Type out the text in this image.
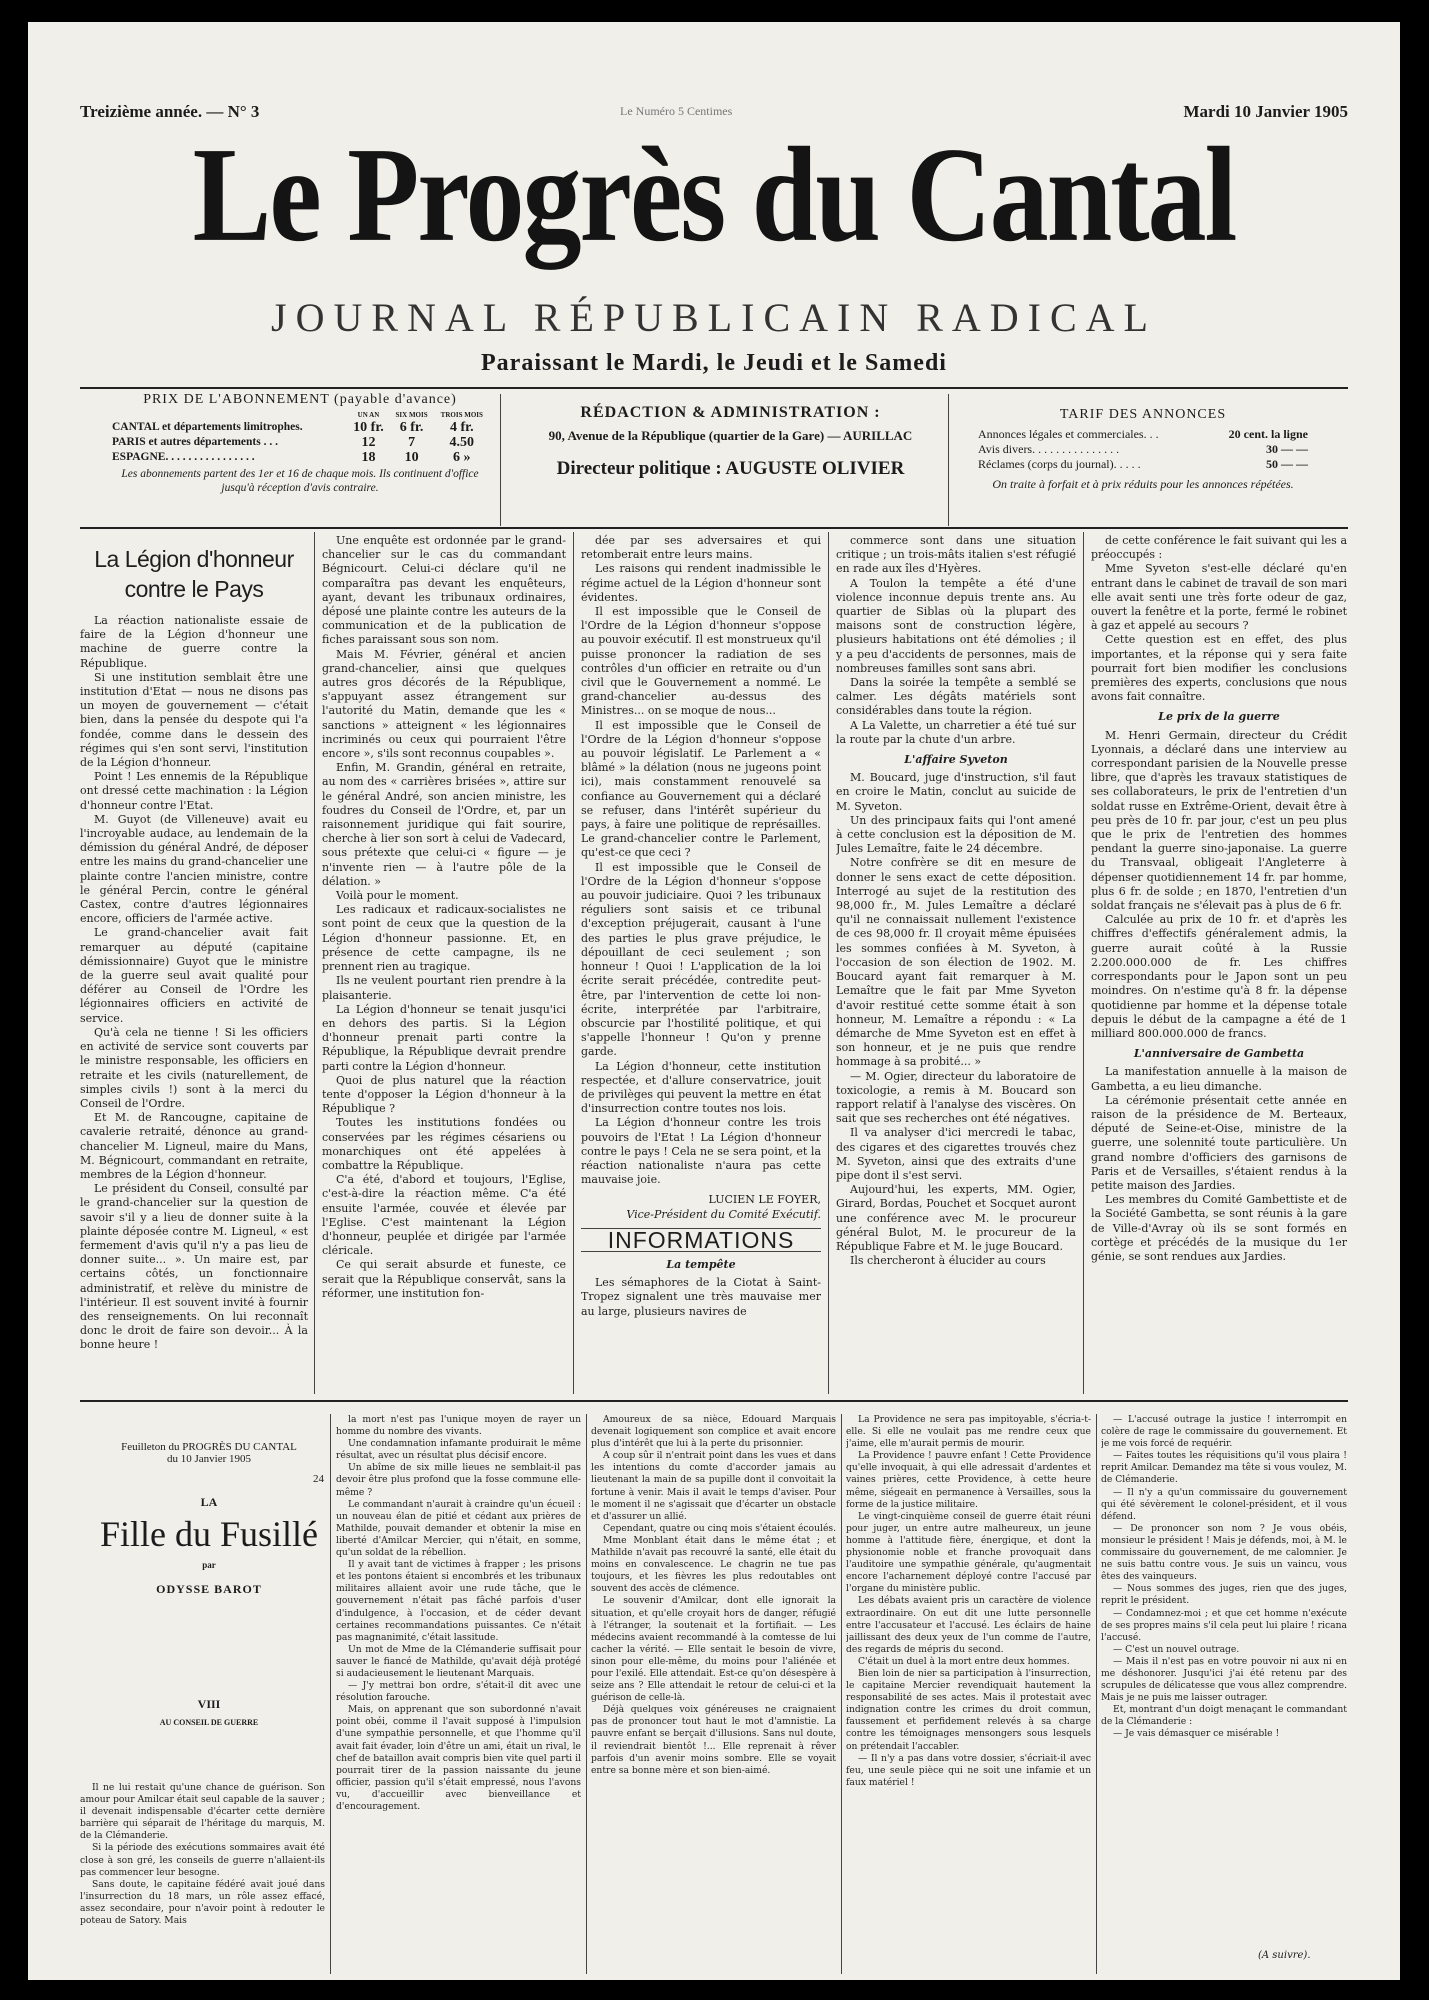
Treizième année. — N° 3	Le Numéro 5 Centimes	Mardi 10 Janvier 1905
Le Progrès du Cantal
JOURNAL RÉPUBLICAIN RADICAL
Paraissant le Mardi, le Jeudi et le Samedi
PRIX DE L'ABONNEMENT (payable d'avance)
	UN AN	SIX MOIS	TROIS MOIS
CANTAL et départements limitrophes.	10 fr.	6 fr.	4 fr.
PARIS et autres départements . . .	12	7	4.50
ESPAGNE. . . . . . . . . . . . . . . .	18	10	6 »
Les abonnements partent des 1er et 16 de chaque mois. Ils continuent d'office jusqu'à réception d'avis contraire.
RÉDACTION & ADMINISTRATION :
90, Avenue de la République (quartier de la Gare) — AURILLAC
Directeur politique : AUGUSTE OLIVIER
TARIF DES ANNONCES
Annonces légales et commerciales. . .	20 cent. la ligne
Avis divers. . . . . . . . . . . . . . .	30 — —
Réclames (corps du journal). . . . .	50 — —
On traite à forfait et à prix réduits pour les annonces répétées.
La Légion d'honneur contre le Pays

La réaction nationaliste essaie de faire de la Légion d'honneur une machine de guerre contre la République.

Si une institution semblait être une institution d'Etat — nous ne disons pas un moyen de gouvernement — c'était bien, dans la pensée du despote qui l'a fondée, comme dans le dessein des régimes qui s'en sont servi, l'institution de la Légion d'honneur.

Point ! Les ennemis de la République ont dressé cette machination : la Légion d'honneur contre l'Etat.

M. Guyot (de Villeneuve) avait eu l'incroyable audace, au lendemain de la démission du général André, de déposer entre les mains du grand-chancelier une plainte contre l'ancien ministre, contre le général Percin, contre le général Castex, contre d'autres légionnaires encore, officiers de l'armée active.

Le grand-chancelier avait fait remarquer au député (capitaine démissionnaire) Guyot que le ministre de la guerre seul avait qualité pour déférer au Conseil de l'Ordre les légionnaires officiers en activité de service.

Qu'à cela ne tienne ! Si les officiers en activité de service sont couverts par le ministre responsable, les officiers en retraite et les civils (naturellement, de simples civils !) sont à la merci du Conseil de l'Ordre.

Et M. de Rancougne, capitaine de cavalerie retraité, dénonce au grand-chancelier M. Ligneul, maire du Mans, M. Bégnicourt, commandant en retraite, membres de la Légion d'honneur.

Le président du Conseil, consulté par le grand-chancelier sur la question de savoir s'il y a lieu de donner suite à la plainte déposée contre M. Ligneul, « est fermement d'avis qu'il n'y a pas lieu de donner suite... ». Un maire est, par certains côtés, un fonctionnaire administratif, et relève du ministre de l'intérieur. Il est souvent invité à fournir des renseignements. On lui reconnaît donc le droit de faire son devoir... À la bonne heure !

Une enquête est ordonnée par le grand-chancelier sur le cas du commandant Bégnicourt. Celui-ci déclare qu'il ne comparaîtra pas devant les enquêteurs, ayant, devant les tribunaux ordinaires, déposé une plainte contre les auteurs de la communication et de la publication de fiches paraissant sous son nom.

Mais M. Février, général et ancien grand-chancelier, ainsi que quelques autres gros décorés de la République, s'appuyant assez étrangement sur l'autorité du Matin, demande que les « sanctions » atteignent « les légionnaires incriminés ou ceux qui pourraient l'être encore », s'ils sont reconnus coupables ».

Enfin, M. Grandin, général en retraite, au nom des « carrières brisées », attire sur le général André, son ancien ministre, les foudres du Conseil de l'Ordre, et, par un raisonnement juridique qui fait sourire, cherche à lier son sort à celui de Vadecard, sous prétexte que celui-ci « figure — je n'invente rien — à l'autre pôle de la délation. »

Voilà pour le moment.

Les radicaux et radicaux-socialistes ne sont point de ceux que la question de la Légion d'honneur passionne. Et, en présence de cette campagne, ils ne prennent rien au tragique.

Ils ne veulent pourtant rien prendre à la plaisanterie.

La Légion d'honneur se tenait jusqu'ici en dehors des partis. Si la Légion d'honneur prenait parti contre la République, la République devrait prendre parti contre la Légion d'honneur.

Quoi de plus naturel que la réaction tente d'opposer la Légion d'honneur à la République ?

Toutes les institutions fondées ou conservées par les régimes césariens ou monarchiques ont été appelées à combattre la République.

C'a été, d'abord et toujours, l'Eglise, c'est-à-dire la réaction même. C'a été ensuite l'armée, couvée et élevée par l'Eglise. C'est maintenant la Légion d'honneur, peuplée et dirigée par l'armée cléricale.

Ce qui serait absurde et funeste, ce serait que la République conservât, sans la réformer, une institution fon-

dée par ses adversaires et qui retomberait entre leurs mains.

Les raisons qui rendent inadmissible le régime actuel de la Légion d'honneur sont évidentes.

Il est impossible que le Conseil de l'Ordre de la Légion d'honneur s'oppose au pouvoir exécutif. Il est monstrueux qu'il puisse prononcer la radiation de ses contrôles d'un officier en retraite ou d'un civil que le Gouvernement a nommé. Le grand-chancelier au-dessus des Ministres... on se moque de nous...

Il est impossible que le Conseil de l'Ordre de la Légion d'honneur s'oppose au pouvoir législatif. Le Parlement a « blâmé » la délation (nous ne jugeons point ici), mais constamment renouvelé sa confiance au Gouvernement qui a déclaré se refuser, dans l'intérêt supérieur du pays, à faire une politique de représailles. Le grand-chancelier contre le Parlement, qu'est-ce que ceci ?

Il est impossible que le Conseil de l'Ordre de la Légion d'honneur s'oppose au pouvoir judiciaire. Quoi ? les tribunaux réguliers sont saisis et ce tribunal d'exception préjugerait, causant à l'une des parties le plus grave préjudice, le dépouillant de ceci seulement ; son honneur ! Quoi ! L'application de la loi écrite serait précédée, contredite peut-être, par l'intervention de cette loi non-écrite, interprétée par l'arbitraire, obscurcie par l'hostilité politique, et qui s'appelle l'honneur ! Qu'on y prenne garde.

La Légion d'honneur, cette institution respectée, et d'allure conservatrice, jouit de privilèges qui peuvent la mettre en état d'insurrection contre toutes nos lois.

La Légion d'honneur contre les trois pouvoirs de l'Etat ! La Légion d'honneur contre le pays ! Cela ne se sera point, et la réaction nationaliste n'aura pas cette mauvaise joie.

LUCIEN LE FOYER,
Vice-Président du Comité Exécutif.
INFORMATIONS
La tempête

Les sémaphores de la Ciotat à Saint-Tropez signalent une très mauvaise mer au large, plusieurs navires de

commerce sont dans une situation critique ; un trois-mâts italien s'est réfugié en rade aux îles d'Hyères.

A Toulon la tempête a été d'une violence inconnue depuis trente ans. Au quartier de Siblas où la plupart des maisons sont de construction légère, plusieurs habitations ont été démolies ; il y a peu d'accidents de personnes, mais de nombreuses familles sont sans abri.

Dans la soirée la tempête a semblé se calmer. Les dégâts matériels sont considérables dans toute la région.

A La Valette, un charretier a été tué sur la route par la chute d'un arbre.

L'affaire Syveton

M. Boucard, juge d'instruction, s'il faut en croire le Matin, conclut au suicide de M. Syveton.

Un des principaux faits qui l'ont amené à cette conclusion est la déposition de M. Jules Lemaître, faite le 24 décembre.

Notre confrère se dit en mesure de donner le sens exact de cette déposition. Interrogé au sujet de la restitution des 98,000 fr., M. Jules Lemaître a déclaré qu'il ne connaissait nullement l'existence de ces 98,000 fr. Il croyait même épuisées les sommes confiées à M. Syveton, à l'occasion de son élection de 1902. M. Boucard ayant fait remarquer à M. Lemaître que le fait par Mme Syveton d'avoir restitué cette somme était à son honneur, M. Lemaître a répondu : « La démarche de Mme Syveton est en effet à son honneur, et je ne puis que rendre hommage à sa probité... »

— M. Ogier, directeur du laboratoire de toxicologie, a remis à M. Boucard son rapport relatif à l'analyse des viscères. On sait que ses recherches ont été négatives.

Il va analyser d'ici mercredi le tabac, des cigares et des cigarettes trouvés chez M. Syveton, ainsi que des extraits d'une pipe dont il s'est servi.

Aujourd'hui, les experts, MM. Ogier, Girard, Bordas, Pouchet et Socquet auront une conférence avec M. le procureur général Bulot, M. le procureur de la République Fabre et M. le juge Boucard.

Ils chercheront à élucider au cours

de cette conférence le fait suivant qui les a préoccupés :

Mme Syveton s'est-elle déclaré qu'en entrant dans le cabinet de travail de son mari elle avait senti une très forte odeur de gaz, ouvert la fenêtre et la porte, fermé le robinet à gaz et appelé au secours ?

Cette question est en effet, des plus importantes, et la réponse qui y sera faite pourrait fort bien modifier les conclusions premières des experts, conclusions que nous avons fait connaître.

Le prix de la guerre

M. Henri Germain, directeur du Crédit Lyonnais, a déclaré dans une interview au correspondant parisien de la Nouvelle presse libre, que d'après les travaux statistiques de ses collaborateurs, le prix de l'entretien d'un soldat russe en Extrême-Orient, devait être à peu près de 10 fr. par jour, c'est un peu plus que le prix de l'entretien des hommes pendant la guerre sino-japonaise. La guerre du Transvaal, obligeait l'Angleterre à dépenser quotidiennement 14 fr. par homme, plus 6 fr. de solde ; en 1870, l'entretien d'un soldat français ne s'élevait pas à plus de 6 fr.

Calculée au prix de 10 fr. et d'après les chiffres d'effectifs généralement admis, la guerre aurait coûté à la Russie 2.200.000.000 de fr. Les chiffres correspondants pour le Japon sont un peu moindres. On n'estime qu'à 8 fr. la dépense quotidienne par homme et la dépense totale depuis le début de la campagne a été de 1 milliard 800.000.000 de francs.

L'anniversaire de Gambetta

La manifestation annuelle à la maison de Gambetta, a eu lieu dimanche.

La cérémonie présentait cette année en raison de la présidence de M. Berteaux, député de Seine-et-Oise, ministre de la guerre, une solennité toute particulière. Un grand nombre d'officiers des garnisons de Paris et de Versailles, s'étaient rendus à la petite maison des Jardies.

Les membres du Comité Gambettiste et de la Société Gambetta, se sont réunis à la gare de Ville-d'Avray où ils se sont formés en cortège et précédés de la musique du 1er génie, se sont rendues aux Jardies.

Feuilleton du PROGRÈS DU CANTAL
du 10 Janvier 1905
24
LA
Fille du Fusillé
par
ODYSSE BAROT
VIII
AU CONSEIL DE GUERRE

Il ne lui restait qu'une chance de guérison. Son amour pour Amilcar était seul capable de la sauver ; il devenait indispensable d'écarter cette dernière barrière qui séparait de l'héritage du marquis, M. de la Clémanderie.

Si la période des exécutions sommaires avait été close à son gré, les conseils de guerre n'allaient-ils pas commencer leur besogne.

Sans doute, le capitaine fédéré avait joué dans l'insurrection du 18 mars, un rôle assez effacé, assez secondaire, pour n'avoir point à redouter le poteau de Satory. Mais

la mort n'est pas l'unique moyen de rayer un homme du nombre des vivants.

Une condamnation infamante produirait le même résultat, avec un résultat plus décisif encore.

Un abîme de six mille lieues ne semblait-il pas devoir être plus profond que la fosse commune elle-même ?

Le commandant n'aurait à craindre qu'un écueil : un nouveau élan de pitié et cédant aux prières de Mathilde, pouvait demander et obtenir la mise en liberté d'Amilcar Mercier, qui n'était, en somme, qu'un soldat de la rébellion.

Il y avait tant de victimes à frapper ; les prisons et les pontons étaient si encombrés et les tribunaux militaires allaient avoir une rude tâche, que le gouvernement n'était pas fâché parfois d'user d'indulgence, à l'occasion, et de céder devant certaines recommandations puissantes. Ce n'était pas magnanimité, c'était lassitude.

Un mot de Mme de la Clémanderie suffisait pour sauver le fiancé de Mathilde, qu'avait déjà protégé si audacieusement le lieutenant Marquais.

— J'y mettrai bon ordre, s'était-il dit avec une résolution farouche.

Mais, on apprenant que son subordonné n'avait point obéi, comme il l'avait supposé à l'impulsion d'une sympathie personnelle, et que l'homme qu'il avait fait évader, loin d'être un ami, était un rival, le chef de bataillon avait compris bien vite quel parti il pourrait tirer de la passion naissante du jeune officier, passion qu'il s'était empressé, nous l'avons vu, d'accueillir avec bienveillance et d'encouragement.

Amoureux de sa nièce, Edouard Marquais devenait logiquement son complice et avait encore plus d'intérêt que lui à la perte du prisonnier.

A coup sûr il n'entrait point dans les vues et dans les intentions du comte d'accorder jamais au lieutenant la main de sa pupille dont il convoitait la fortune à venir. Mais il avait le temps d'aviser. Pour le moment il ne s'agissait que d'écarter un obstacle et d'assurer un allié.

Cependant, quatre ou cinq mois s'étaient écoulés.

Mme Monblant était dans le même état ; et Mathilde n'avait pas recouvré la santé, elle était du moins en convalescence. Le chagrin ne tue pas toujours, et les fièvres les plus redoutables ont souvent des accès de clémence.

Le souvenir d'Amilcar, dont elle ignorait la situation, et qu'elle croyait hors de danger, réfugié à l'étranger, la soutenait et la fortifiait. — Les médecins avaient recommandé à la comtesse de lui cacher la vérité. — Elle sentait le besoin de vivre, sinon pour elle-même, du moins pour l'aliénée et pour l'exilé. Elle attendait. Est-ce qu'on désespère à seize ans ? Elle attendait le retour de celui-ci et la guérison de celle-là.

Déjà quelques voix généreuses ne craignaient pas de prononcer tout haut le mot d'amnistie. La pauvre enfant se berçait d'illusions. Sans nul doute, il reviendrait bientôt !... Elle reprenait à rêver parfois d'un avenir moins sombre. Elle se voyait entre sa bonne mère et son bien-aimé.

La Providence ne sera pas impitoyable, s'écria-t-elle. Si elle ne voulait pas me rendre ceux que j'aime, elle m'aurait permis de mourir.

La Providence ! pauvre enfant ! Cette Providence qu'elle invoquait, à qui elle adressait d'ardentes et vaines prières, cette Providence, à cette heure même, siégeait en permanence à Versailles, sous la forme de la justice militaire.

Le vingt-cinquième conseil de guerre était réuni pour juger, un entre autre malheureux, un jeune homme à l'attitude fière, énergique, et dont la physionomie noble et franche provoquait dans l'auditoire une sympathie générale, qu'augmentait encore l'acharnement déployé contre l'accusé par l'organe du ministère public.

Les débats avaient pris un caractère de violence extraordinaire. On eut dit une lutte personnelle entre l'accusateur et l'accusé. Les éclairs de haine jaillissant des deux yeux de l'un comme de l'autre, des regards de mépris du second.

C'était un duel à la mort entre deux hommes.

Bien loin de nier sa participation à l'insurrection, le capitaine Mercier revendiquait hautement la responsabilité de ses actes. Mais il protestait avec indignation contre les crimes du droit commun, faussement et perfidement relevés à sa charge contre les témoignages mensongers sous lesquels on prétendait l'accabler.

— Il n'y a pas dans votre dossier, s'écriait-il avec feu, une seule pièce qui ne soit une infamie et un faux matériel !

— L'accusé outrage la justice ! interrompit en colère de rage le commissaire du gouvernement. Et je me vois forcé de requérir.

— Faites toutes les réquisitions qu'il vous plaira ! reprit Amilcar. Demandez ma tête si vous voulez, M. de Clémanderie.

— Il n'y a qu'un commissaire du gouvernement qui été sévèrement le colonel-président, et il vous défend.

— De prononcer son nom ? Je vous obéis, monsieur le président ! Mais je défends, moi, à M. le commissaire du gouvernement, de me calomnier. Je ne suis battu contre vous. Je suis un vaincu, vous êtes des vainqueurs.

— Nous sommes des juges, rien que des juges, reprit le président.

— Condamnez-moi ; et que cet homme n'exécute de ses propres mains s'il cela peut lui plaire ! ricana l'accusé.

— C'est un nouvel outrage.

— Mais il n'est pas en votre pouvoir ni aux ni en me déshonorer. Jusqu'ici j'ai été retenu par des scrupules de délicatesse que vous allez comprendre. Mais je ne puis me laisser outrager.

Et, montrant d'un doigt menaçant le commandant de la Clémanderie :

— Je vais démasquer ce misérable !

(A suivre).
